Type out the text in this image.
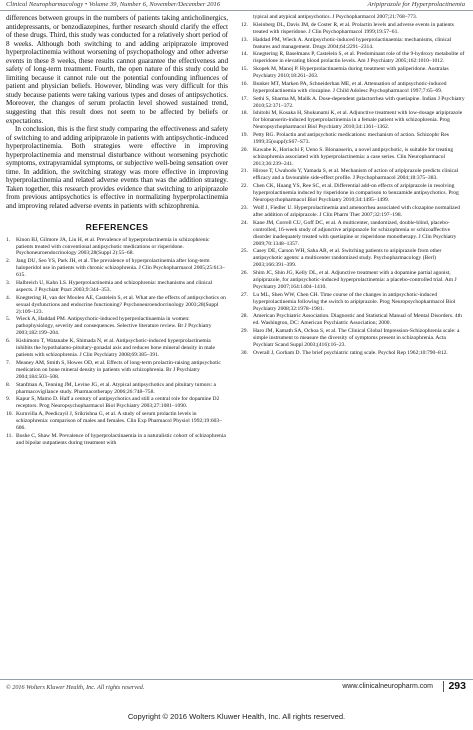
Clinical Neuropharmacology • Volume 39, Number 6, November/December 2016	Aripiprazole for Hyperprolactinemia

differences between groups in the numbers of patients taking anticholinergics, antidepressants, or benzodiazepines, further research should clarify the effect of these drugs. Third, this study was conducted for a relatively short period of 8 weeks. Although both switching to and adding aripiprazole improved hyperprolactinemia without worsening of psychopathology and other adverse events in these 8 weeks, these results cannot guarantee the effectiveness and safety of long-term treatment. Fourth, the open nature of this study could be limiting because it cannot rule out the potential confounding influences of patient and physician beliefs. However, blinding was very difficult for this study because patients were taking various types and doses of antipsychotics. Moreover, the changes of serum prolactin level showed sustained trend, suggesting that this result does not seem to be affected by beliefs or expectations.

In conclusion, this is the first study comparing the effectiveness and safety of switching to and adding aripiprazole in patients with antipsychotic-induced hyperprolactinemia. Both strategies were effective in improving hyperprolactinemia and menstrual disturbance without worsening psychotic symptoms, extrapyramidal symptoms, or subjective well-being sensation over time. In addition, the switching strategy was more effective in improving hyperprolactinemia and related adverse events than was the addition strategy. Taken together, this research provides evidence that switching to aripiprazole from previous antipsychotics is effective in normalizing hyperprolactinemia and improving related adverse events in patients with schizophrenia.

REFERENCES
1.	Kinon BJ, Gilmore JA, Liu H, et al. Prevalence of hyperprolactinemia in schizophrenic patients treated with conventional antipsychotic medications or risperidone. Psychoneuroendocrinology 2003;28(Suppl 2):55–68.
2.	Jang DU, Seo YS, Park JH, et al. The prevalence of hyperprolactinemia after long-term haloperidol use in patients with chronic schizophrenia. J Clin Psychopharmacol 2005;25:613–615.
3.	Halbreich U, Kahn LS. Hyperprolactinemia and schizophrenia: mechanisms and clinical aspects. J Psychiatr Pract 2003;9:344–353.
4.	Knegtering H, van der Moolen AE, Castelein S, et al. What are the effects of antipsychotics on sexual dysfunctions and endocrine functioning? Psychoneuroendocrinology 2003;28(Suppl 2):109–123.
5.	Wieck A, Haddad PM. Antipsychotic-induced hyperprolactinaemia in women: pathophysiology, severity and consequences. Selective literature review. Br J Psychiatry 2003;182:199–204.
6.	Kishimoto T, Watanabe K, Shimada N, et al. Antipsychotic-induced hyperprolactinemia inhibits the hypothalamo-pituitary-gonadal axis and reduces bone mineral density in male patients with schizophrenia. J Clin Psychiatry 2008;69:385–391.
7.	Meaney AM, Smith S, Howes OD, et al. Effects of long-term prolactin-raising antipsychotic medication on bone mineral density in patients with schizophrenia. Br J Psychiatry 2004;184:503–508.
8.	Stanfman A, Tenning JM, Levine JG, et al. Atypical antipsychotics and pituitary tumors: a pharmacovigilance study. Pharmacotherapy 2006;26:748–758.
9.	Kapur S, Mamo D. Half a century of antipsychotics and still a central role for dopamine D2 receptors. Prog Neuropsychopharmacol Biol Psychiatry 2003;27:1081–1090.
10. Kuruvilla A, Peedicayil J, Srikrishna G, et al. A study of serum prolactin levels in schizophrenia: comparison of males and females. Clin Exp Pharmacol Physiol 1992;19:603–606.
11. Bushe C, Shaw M. Prevalence of hyperprolactinaemia in a naturalistic cohort of schizophrenia and bipolar outpatients during treatment with
typical and atypical antipsychotics. J Psychopharmacol 2007;21:768–773.
12. Kleinberg DL, Davis JM, de Coster R, et al. Prolactin levels and adverse events in patients treated with risperidone. J Clin Psychopharmacol 1999;19:57–61.
13. Haddad PM, Wieck A. Antipsychotic-induced hyperprolactinaemia: mechanisms, clinical features and management. Drugs 2004;64:2291–2314.
14. Knegtering R, Baselmans P, Castelein S, et al. Predominant role of the 9-hydroxy metabolite of risperidone in elevating blood prolactin levels. Am J Psychiatry 2005;162:1010–1012.
15. Skopek M, Manoj P. Hyperprolactinaemia during treatment with paliperidone. Australas Psychiatry 2010;18:261–263.
16. Bunker MT, Marken PA, Schneiderhan ME, et al. Attenuation of antipsychotic-induced hyperprolactinemia with clozapine. J Child Adolesc Psychopharmacol 1997;7:65–69.
17. Sethi S, Sharma M, Malik A. Dose-dependent galactorrhea with quetiapine. Indian J Psychiatry 2010;52:371–372.
18. Ishitobi M, Kosaka H, Shukunami K, et al. Adjunctive treatment with low-dosage aripiprazole for blonanserin-induced hyperprolactinemia in a female patient with schizophrenia. Prog Neuropsychopharmacol Biol Psychiatry 2010;34:1361–1362.
19. Petty RG. Prolactin and antipsychotic medications: mechanism of action. Schizophr Res 1999;35(suppl):S67–S73.
20. Kawabe K, Horiuchi F, Ueno S. Blonanserin, a novel antipsychotic, is suitable for treating schizophrenia associated with hyperprolactinemia: a case series. Clin Neuropharmacol 2013;36:239–241.
21. Hirose T, Uwahodo Y, Yamada S, et al. Mechanism of action of aripiprazole predicts clinical efficacy and a favourable side-effect profile. J Psychopharmacol 2004;18:375–383.
22. Chen CK, Huang YS, Ree SC, et al. Differential add-on effects of aripiprazole in resolving hyperprolactinemia induced by risperidone in comparison to benzamide antipsychotics. Prog Neuropsychopharmacol Biol Psychiatry 2010;34:1495–1499.
23. Wolf J, Fiedler U. Hyperprolactinemia and amenorrhea associated with clozapine normalized after addition of aripiprazole. J Clin Pharm Ther 2007;32:197–198.
24. Kane JM, Correll CU, Goff DC, et al. A multicenter, randomized, double-blind, placebo-controlled, 16-week study of adjunctive aripiprazole for schizophrenia or schizoaffective disorder inadequately treated with quetiapine or risperidone monotherapy. J Clin Psychiatry 2009;70:1348–1357.
25. Casey DE, Carson WH, Saha AR, et al. Switching patients to aripiprazole from other antipsychotic agents: a multicenter randomized study. Psychopharmacology (Berl) 2003;166:391–399.
26. Shim JC, Shin JG, Kelly DL, et al. Adjunctive treatment with a dopamine partial agonist, aripiprazole, for antipsychotic-induced hyperprolactinemia: a placebo-controlled trial. Am J Psychiatry 2007;164:1404–1410.
27. Lu ML, Shen WW, Chen CH. Time course of the changes in antipsychotic-induced hyperprolactinemia following the switch to aripiprazole. Prog Neuropsychopharmacol Biol Psychiatry 2008;32:1978–1981.
28. American Psychiatric Association. Diagnostic and Statistical Manual of Mental Disorders. 4th ed. Washington, DC: American Psychiatric Association; 2000.
29. Haro JM, Kamath SA, Ochoa S, et al. The Clinical Global Impression-Schizophrenia scale: a simple instrument to measure the diversity of symptoms present in schizophrenia. Acta Psychiatr Scand Suppl 2003;(416):16–23.
30. Overall J, Gorham D. The brief psychiatric rating scale. Psychol Rep 1962;10:790–812.
© 2016 Wolters Kluwer Health, Inc. All rights reserved.	www.clinicalneuropharm.com 293
Copyright © 2016 Wolters Kluwer Health, Inc. All rights reserved.
